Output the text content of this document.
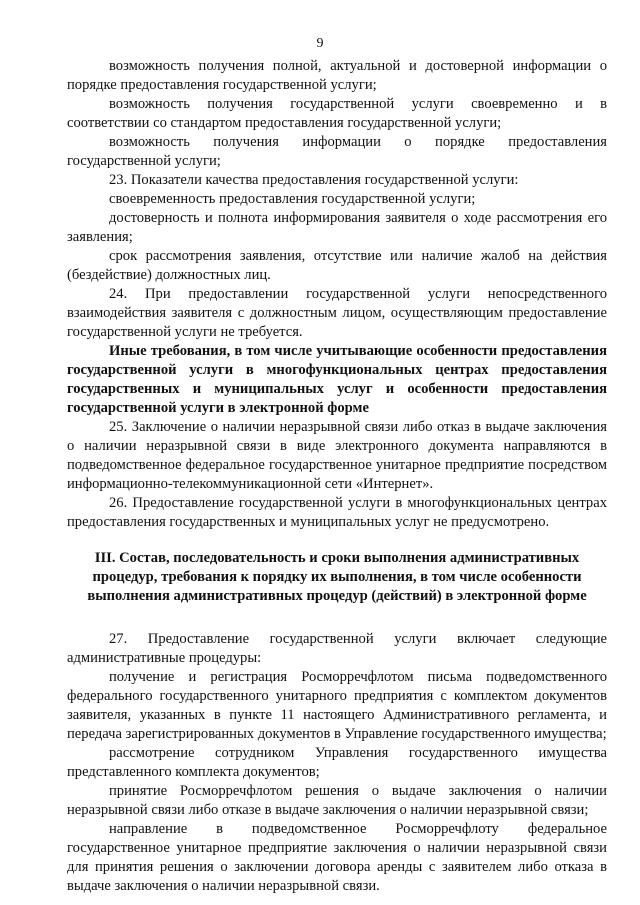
9

возможность получения полной, актуальной и достоверной информации о порядке предоставления государственной услуги;

возможность получения государственной услуги своевременно и в соответствии со стандартом предоставления государственной услуги;

возможность получения информации о порядке предоставления государственной услуги;

23. Показатели качества предоставления государственной услуги:

своевременность предоставления государственной услуги;

достоверность и полнота информирования заявителя о ходе рассмотрения его заявления;

срок рассмотрения заявления, отсутствие или наличие жалоб на действия (бездействие) должностных лиц.

24. При предоставлении государственной услуги непосредственного взаимодействия заявителя с должностным лицом, осуществляющим предоставление государственной услуги не требуется.

Иные требования, в том числе учитывающие особенности предоставления государственной услуги в многофункциональных центрах предоставления государственных и муниципальных услуг и особенности предоставления государственной услуги в электронной форме

25. Заключение о наличии неразрывной связи либо отказ в выдаче заключения о наличии неразрывной связи в виде электронного документа направляются в подведомственное федеральное государственное унитарное предприятие посредством информационно-телекоммуникационной сети «Интернет».

26. Предоставление государственной услуги в многофункциональных центрах предоставления государственных и муниципальных услуг не предусмотрено.

III. Состав, последовательность и сроки выполнения административных процедур, требования к порядку их выполнения, в том числе особенности выполнения административных процедур (действий) в электронной форме

27. Предоставление государственной услуги включает следующие административные процедуры:

получение и регистрация Росморречфлотом письма подведомственного федерального государственного унитарного предприятия с комплектом документов заявителя, указанных в пункте 11 настоящего Административного регламента, и передача зарегистрированных документов в Управление государственного имущества;

рассмотрение сотрудником Управления государственного имущества представленного комплекта документов;

принятие Росморречфлотом решения о выдаче заключения о наличии неразрывной связи либо отказе в выдаче заключения о наличии неразрывной связи;

направление в подведомственное Росморречфлоту федеральное государственное унитарное предприятие заключения о наличии неразрывной связи для принятия решения о заключении договора аренды с заявителем либо отказа в выдаче заключения о наличии неразрывной связи.
